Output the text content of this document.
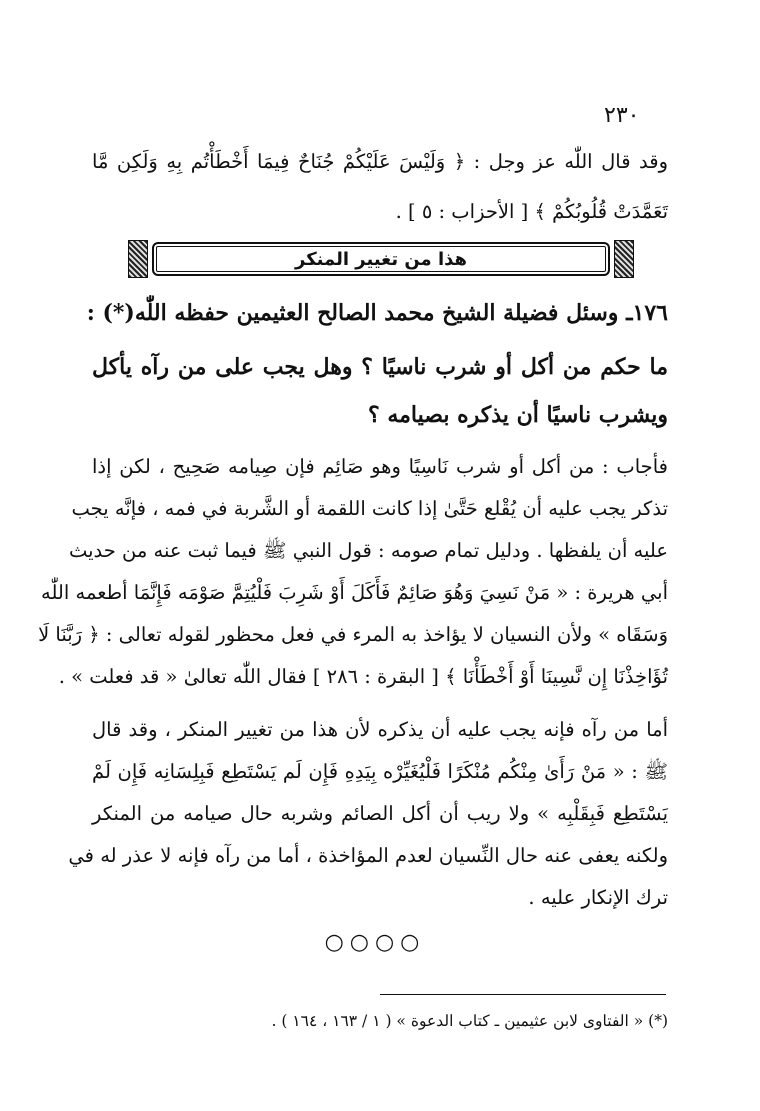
٢٣٠
وقد قال اللّٰه عز وجل : ﴿ وَلَيْسَ عَلَيْكُمْ جُنَاحٌ فِيمَا أَخْطَأْتُم بِهِ وَلَكِن مَّا
تَعَمَّدَتْ قُلُوبُكُمْ ﴾ [ الأحزاب : ٥ ] .
هذا من تغيير المنكر
١٧٦ـ وسئل فضيلة الشيخ محمد الصالح العثيمين حفظه اللّٰه(*) :
ما حكم من أكل أو شرب ناسيًا ؟ وهل يجب على من رآه يأكل
ويشرب ناسيًا أن يذكره بصيامه ؟
فأجاب : من أكل أو شرب نَاسِيًا وهو صَائِم فإن صِيامه صَحِيح ، لكن إذا
تذكر يجب عليه أن يُقْلع حَتَّىٰ إذا كانت اللقمة أو الشَّربة في فمه ، فإنَّه يجب
عليه أن يلفظها . ودليل تمام صومه : قول النبي ﷺ فيما ثبت عنه من حديث
أبي هريرة : « مَنْ نَسِيَ وَهُوَ صَائِمٌ فَأَكَلَ أَوْ شَرِبَ فَلْيُتِمَّ صَوْمَه فَإِنَّمَا أطعمه اللّٰه
وَسَقَاه » ولأن النسيان لا يؤاخذ به المرء في فعل محظور لقوله تعالى : ﴿ رَبَّنَا لَا
تُؤَاخِذْنَا إِن نَّسِينَا أَوْ أَخْطَأْنَا ﴾ [ البقرة : ٢٨٦ ] فقال اللّٰه تعالىٰ « قد فعلت » .
أما من رآه فإنه يجب عليه أن يذكره لأن هذا من تغيير المنكر ، وقد قال
ﷺ : « مَنْ رَأَىٰ مِنْكُم مُنْكَرًا فَلْيُغَيِّرْه بِيَدِهِ فَإِن لَم يَسْتَطِع فَبِلِسَانِه فَإِن لَمْ
يَسْتَطِع فَبِقَلْبِه » ولا ريب أن أكل الصائم وشربه حال صيامه من المنكر
ولكنه يعفى عنه حال النِّسيان لعدم المؤاخذة ، أما من رآه فإنه لا عذر له في
ترك الإنكار عليه .
○○○○
(*) « الفتاوى لابن عثيمين ـ كتاب الدعوة » ( ١ / ١٦٣ ، ١٦٤ ) .
